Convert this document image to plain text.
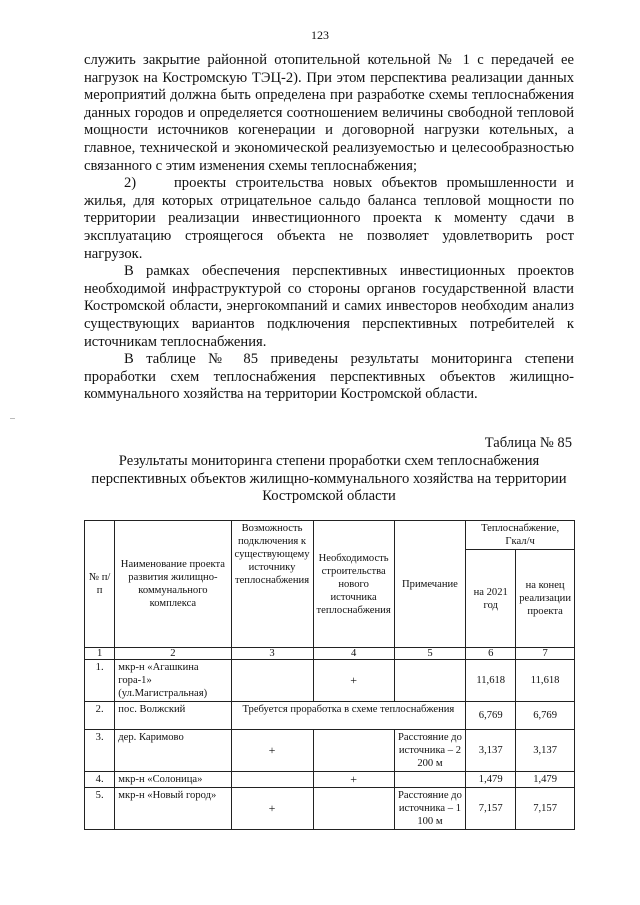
123

служить закрытие районной отопительной котельной № 1 с передачей ее нагрузок на Костромскую ТЭЦ-2). При этом перспектива реализации данных мероприятий должна быть определена при разработке схемы теплоснабжения данных городов и определяется соотношением величины свободной тепловой мощности источников когенерации и договорной нагрузки котельных, а главное, технической и экономической реализуемостью и целесообразностью связанного с этим изменения схемы теплоснабжения;

2)	проекты строительства новых объектов промышленности и жилья, для которых отрицательное сальдо баланса тепловой мощности по территории реализации инвестиционного проекта к моменту сдачи в эксплуатацию строящегося объекта не позволяет удовлетворить рост нагрузок.

В рамках обеспечения перспективных инвестиционных проектов необходимой инфраструктурой со стороны органов государственной власти Костромской области, энергокомпаний и самих инвесторов необходим анализ существующих вариантов подключения перспективных потребителей к источникам теплоснабжения.

В таблице № 85 приведены результаты мониторинга степени проработки схем теплоснабжения перспективных объектов жилищно-коммунального хозяйства на территории Костромской области.

Таблица № 85
Результаты мониторинга степени проработки схем теплоснабжения перспективных объектов жилищно-коммунального хозяйства на территории Костромской области
№ п/п	Наименование проекта развития жилищно-коммунального комплекса	Возможность подключения к существующему источнику теплоснабжения	Необходимость строительства нового источника теплоснабжения	Примечание	Теплоснабжение, Гкал/ч	
					на 2021 год	на конец реализации проекта
1	2	3	4	5	6	7
1.	мкр-н «Агашкина гора-1» (ул.Магистральная)		+		11,618	11,618
2.	пос. Волжский	Требуется проработка в схеме теплоснабжения			6,769	6,769
3.	дер. Каримово	+		Расстояние до источника – 2 200 м	3,137	3,137
4.	мкр-н «Солоница»		+		1,479	1,479
5.	мкр-н «Новый город»	+		Расстояние до источника – 1 100 м	7,157	7,157
